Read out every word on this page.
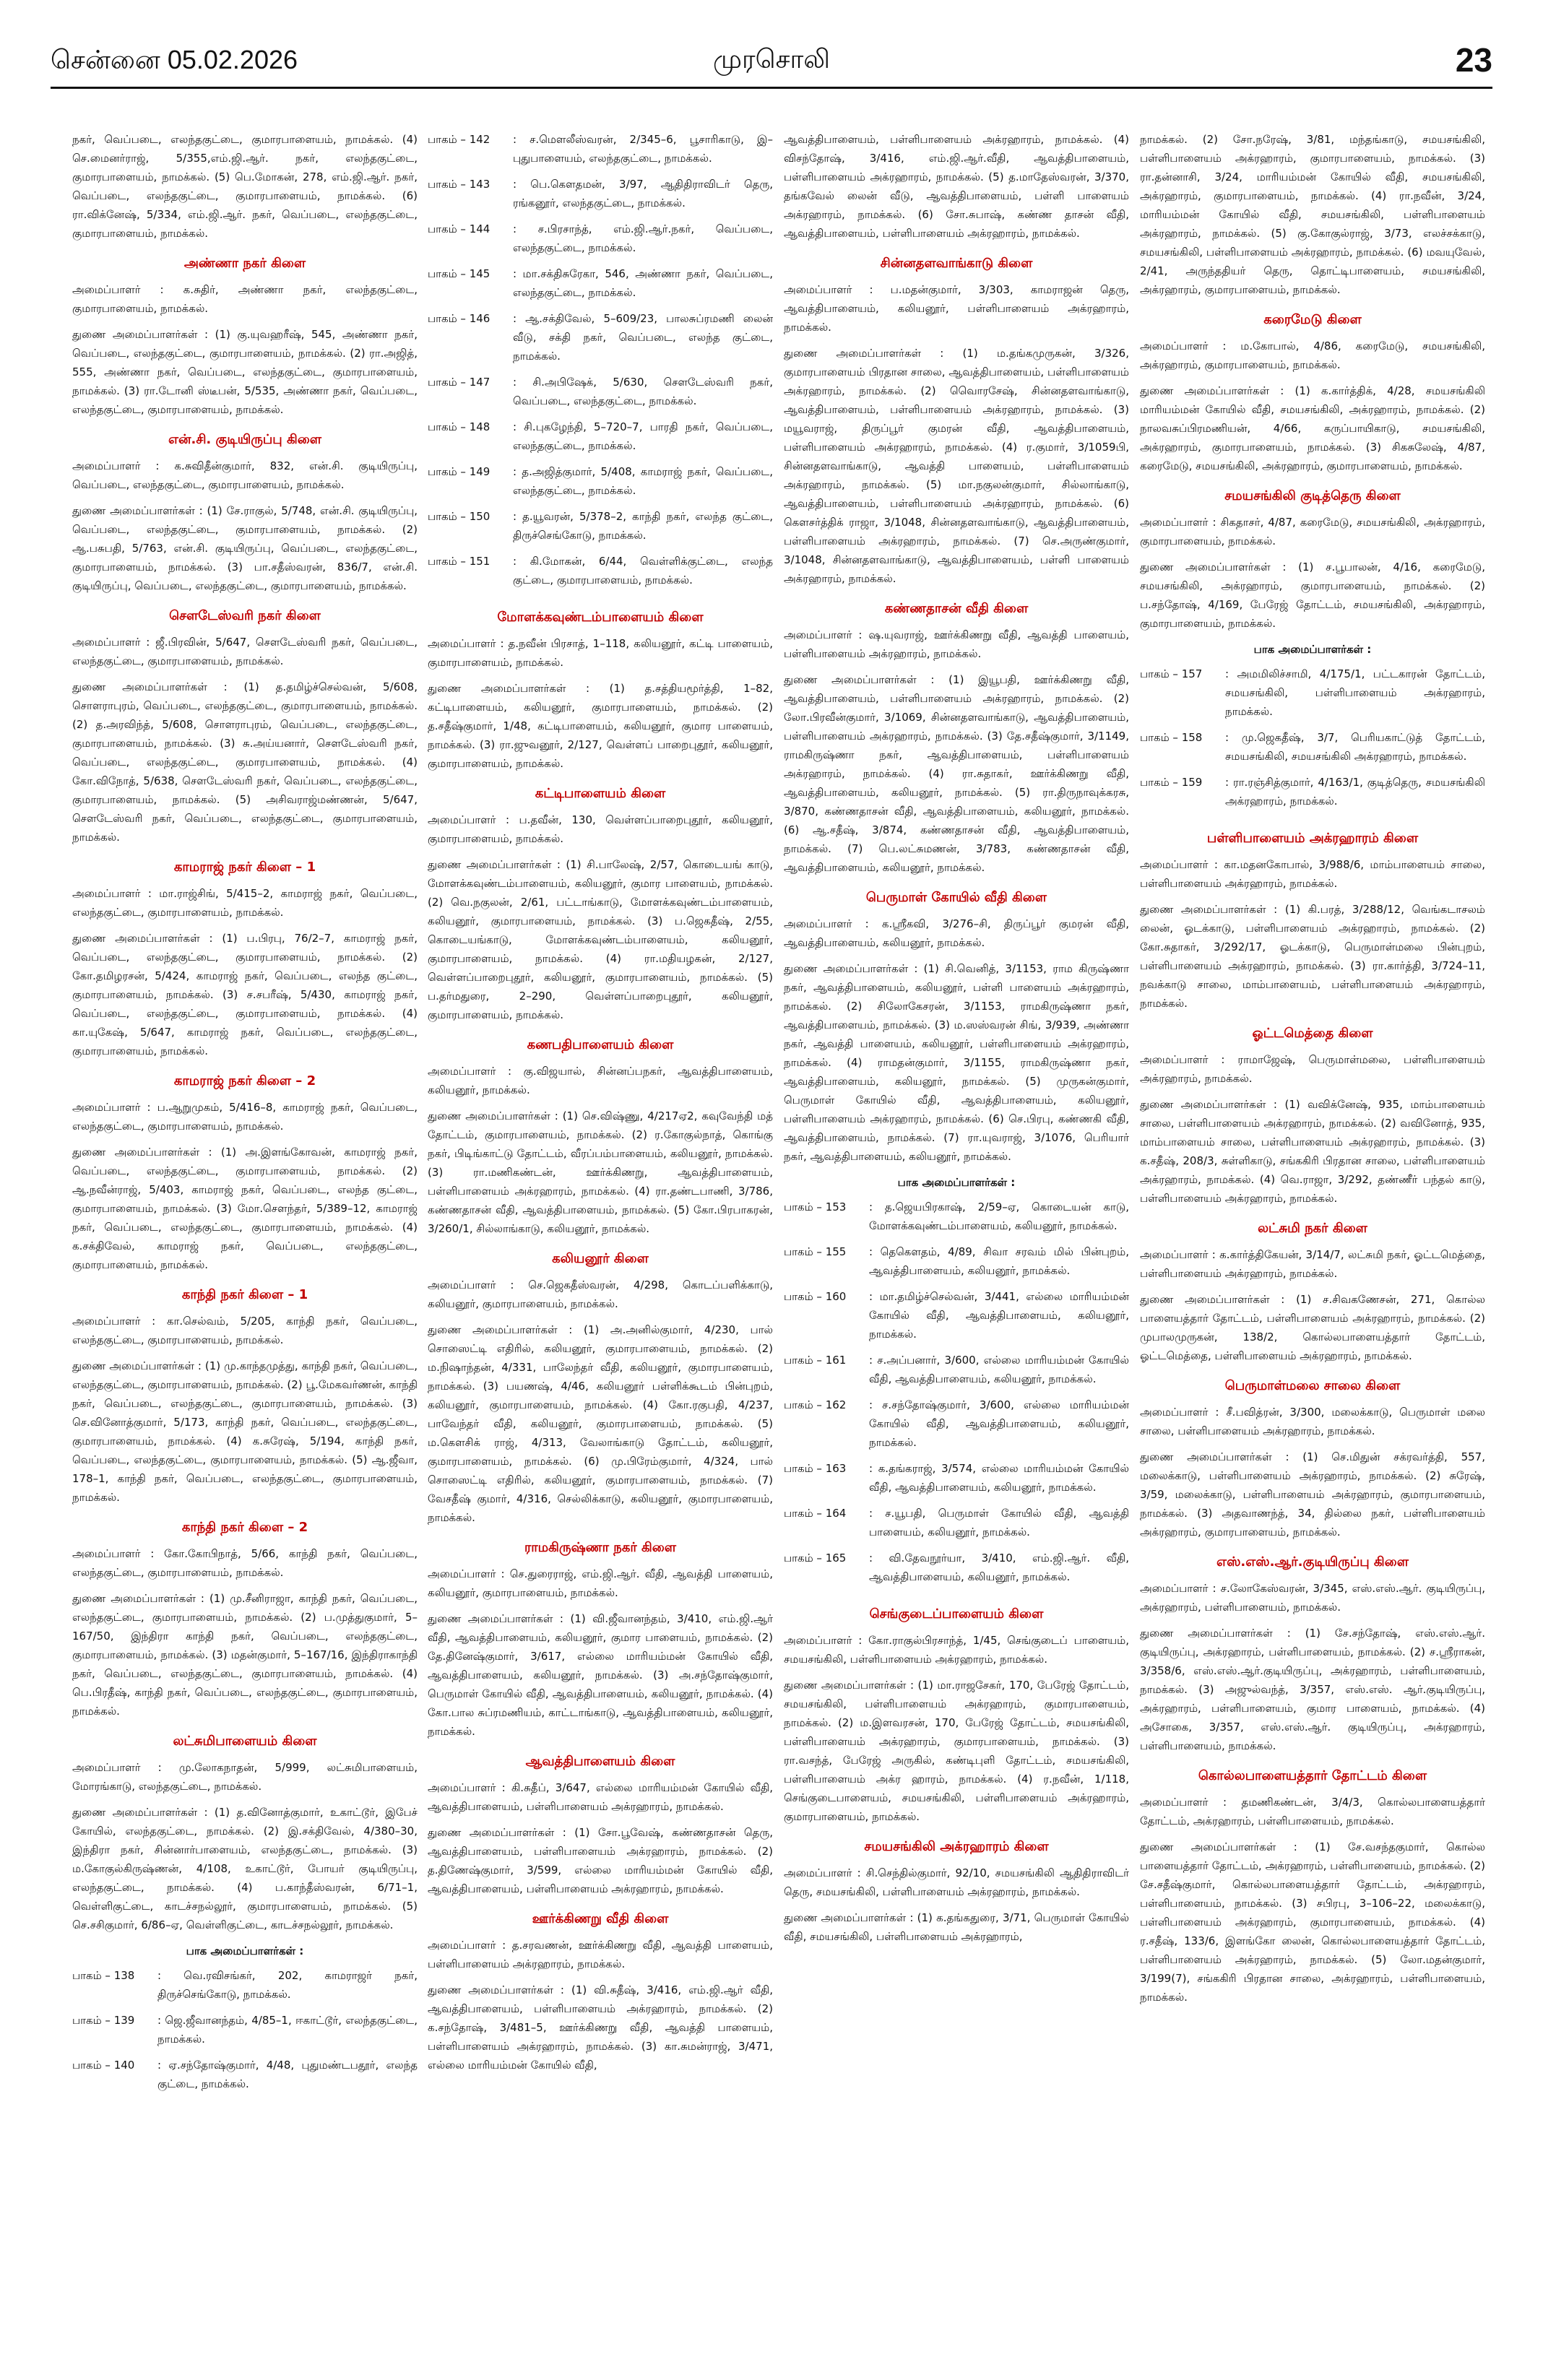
சென்னை 05.02.2026	முரசொலி	23

நகர், வெப்படை, எலந்தகுட்டை, குமாரபாளையம், நாமக்கல். (4) செ.மைனர்ராஜ், 5/355,எம்.ஜி.ஆர். நகர், எலந்தகுட்டை, குமாரபாளையம், நாமக்கல். (5) பெ.மோகன், 278, எம்.ஜி.ஆர். நகர், வெப்படை, எலந்தகுட்டை, குமாரபாளையம், நாமக்கல். (6) ரா.விக்னேஷ், 5/334, எம்.ஜி.ஆர். நகர், வெப்படை, எலந்தகுட்டை, குமாரபாளையம், நாமக்கல்.

அண்ணா நகர் கிளை

அமைப்பாளர் : க.சுதிர், அண்ணா நகர், எலந்தகுட்டை, குமாரபாளையம், நாமக்கல்.

துணை அமைப்பாளர்கள் : (1) கு.யுவஹரீஷ், 545, அண்ணா நகர், வெப்படை, எலந்தகுட்டை, குமாரபாளையம், நாமக்கல். (2) ரா.அஜித், 555, அண்ணா நகர், வெப்படை, எலந்தகுட்டை, குமாரபாளையம், நாமக்கல். (3) ரா.டோனி ஸ்டீபன், 5/535, அண்ணா நகர், வெப்படை, எலந்தகுட்டை, குமாரபாளையம், நாமக்கல்.

என்.சி. குடியிருப்பு கிளை

அமைப்பாளர் : க.சுவிதீன்குமார், 832, என்.சி. குடியிருப்பு, வெப்படை, எலந்தகுட்டை, குமாரபாளையம், நாமக்கல்.

துணை அமைப்பாளர்கள் : (1) சே.ராகுல், 5/748, என்.சி. குடியிருப்பு, வெப்படை, எலந்தகுட்டை, குமாரபாளையம், நாமக்கல். (2) ஆ.பசுபதி, 5/763, என்.சி. குடியிருப்பு, வெப்படை, எலந்தகுட்டை, குமாரபாளையம், நாமக்கல். (3) பா.சதீஸ்வரன், 836/7, என்.சி. குடியிருப்பு, வெப்படை, எலந்தகுட்டை, குமாரபாளையம், நாமக்கல்.

செளடேஸ்வரி நகர் கிளை

அமைப்பாளர் : ஜீ.பிரவின், 5/647, செளடேஸ்வரி நகர், வெப்படை, எலந்தகுட்டை, குமாரபாளையம், நாமக்கல்.

துணை அமைப்பாளர்கள் : (1) த.தமிழ்ச்செல்வன், 5/608, சொளராபுரம், வெப்படை, எலந்தகுட்டை, குமாரபாளையம், நாமக்கல். (2) த.அரவிந்த், 5/608, சொளராபுரம், வெப்படை, எலந்தகுட்டை, குமாரபாளையம், நாமக்கல். (3) சு.அய்யனார், செளடேஸ்வரி நகர், வெப்படை, எலந்தகுட்டை, குமாரபாளையம், நாமக்கல். (4) கோ.விநோத், 5/638, செளடேஸ்வரி நகர், வெப்படை, எலந்தகுட்டை, குமாரபாளையம், நாமக்கல். (5) அசிவராஜ்மண்ணன், 5/647, செளடேஸ்வரி நகர், வெப்படை, எலந்தகுட்டை, குமாரபாளையம், நாமக்கல்.

காமராஜ் நகர் கிளை – 1

அமைப்பாளர் : மா.ராஜ்சிங், 5/415–2, காமராஜ் நகர், வெப்படை, எலந்தகுட்டை, குமாரபாளையம், நாமக்கல்.

துணை அமைப்பாளர்கள் : (1) ப.பிரபு, 76/2–7, காமராஜ் நகர், வெப்படை, எலந்தகுட்டை, குமாரபாளையம், நாமக்கல். (2) கோ.தமிழரசன், 5/424, காமராஜ் நகர், வெப்படை, எலந்த குட்டை, குமாரபாளையம், நாமக்கல். (3) ச.சபரீஷ், 5/430, காமராஜ் நகர், வெப்படை, எலந்தகுட்டை, குமாரபாளையம், நாமக்கல். (4) கா.யுகேஷ், 5/647, காமராஜ் நகர், வெப்படை, எலந்தகுட்டை, குமாரபாளையம், நாமக்கல்.

காமராஜ் நகர் கிளை – 2

அமைப்பாளர் : ப.ஆறுமுகம், 5/416–8, காமராஜ் நகர், வெப்படை, எலந்தகுட்டை, குமாரபாளையம், நாமக்கல்.

துணை அமைப்பாளர்கள் : (1) அ.இளங்கோவன், காமராஜ் நகர், வெப்படை, எலந்தகுட்டை, குமாரபாளையம், நாமக்கல். (2) ஆ.நவீன்ராஜ், 5/403, காமராஜ் நகர், வெப்படை, எலந்த குட்டை, குமாரபாளையம், நாமக்கல். (3) மோ.செளந்தர், 5/389–12, காமராஜ் நகர், வெப்படை, எலந்தகுட்டை, குமாரபாளையம், நாமக்கல். (4) க.சக்திவேல், காமராஜ் நகர், வெப்படை, எலந்தகுட்டை, குமாரபாளையம், நாமக்கல்.

காந்தி நகர் கிளை – 1

அமைப்பாளர் : கா.செல்வம், 5/205, காந்தி நகர், வெப்படை, எலந்தகுட்டை, குமாரபாளையம், நாமக்கல்.

துணை அமைப்பாளர்கள் : (1) மு.காந்தமுத்து, காந்தி நகர், வெப்படை, எலந்தகுட்டை, குமாரபாளையம், நாமக்கல். (2) பூ.மேகவர்ணன், காந்தி நகர், வெப்படை, எலந்தகுட்டை, குமாரபாளையம், நாமக்கல். (3) செ.வினோத்குமார், 5/173, காந்தி நகர், வெப்படை, எலந்தகுட்டை, குமாரபாளையம், நாமக்கல். (4) க.சுரேஷ், 5/194, காந்தி நகர், வெப்படை, எலந்தகுட்டை, குமாரபாளையம், நாமக்கல். (5) ஆ.ஜீவா, 178–1, காந்தி நகர், வெப்படை, எலந்தகுட்டை, குமாரபாளையம், நாமக்கல்.

காந்தி நகர் கிளை – 2

அமைப்பாளர் : கோ.கோபிநாத், 5/66, காந்தி நகர், வெப்படை, எலந்தகுட்டை, குமாரபாளையம், நாமக்கல்.

துணை அமைப்பாளர்கள் : (1) மு.சீனிராஜா, காந்தி நகர், வெப்படை, எலந்தகுட்டை, குமாரபாளையம், நாமக்கல். (2) ப.முத்துகுமார், 5–167/50, இந்திரா காந்தி நகர், வெப்படை, எலந்தகுட்டை, குமாரபாளையம், நாமக்கல். (3) மதன்குமார், 5–167/16, இந்திராகாந்தி நகர், வெப்படை, எலந்தகுட்டை, குமாரபாளையம், நாமக்கல். (4) பெ.பிரதீஷ், காந்தி நகர், வெப்படை, எலந்தகுட்டை, குமாரபாளையம், நாமக்கல்.

லட்சுமிபாளையம் கிளை

அமைப்பாளர் : மு.லோகநாதன், 5/999, லட்சுமிபாளையம், மோரங்காடு, எலந்தகுட்டை, நாமக்கல்.

துணை அமைப்பாளர்கள் : (1) த.வினோத்குமார், உகாட்டூர், இபேச் கோயில், எலந்தகுட்டை, நாமக்கல். (2) இ.சக்திவேல், 4/380–30, இந்திரா நகர், சின்னார்பாளையம், எலந்தகுட்டை, நாமக்கல். (3) ம.கோகுல்கிருஷ்ணன், 4/108, உகாட்டூர், போயர் குடியிருப்பு, எலந்தகுட்டை, நாமக்கல். (4) ப.காந்தீஸ்வரன், 6/71–1, வெள்ளிகுட்டை, காடச்சநல்லூர், குமாரபாளையம், நாமக்கல். (5) செ.சசிகுமார், 6/86–ஏ, வெள்ளிகுட்டை, காடச்சநல்லூர், நாமக்கல்.

பாக அமைப்பாளர்கள் :
பாகம் – 138	: வெ.ரவிசங்கர், 202, காமராஜர் நகர், திருச்செங்கோடு, நாமக்கல்.
பாகம் – 139	: ஜெ.ஜீவானந்தம், 4/85–1, ஈகாட்டூர், எலந்தகுட்டை, நாமக்கல்.
பாகம் – 140	: ஏ.சந்தோஷ்குமார், 4/48, புதுமண்டபதூர், எலந்த குட்டை, நாமக்கல்.
பாகம் – 142	: ச.மெளலீஸ்வரன், 2/345–6, பூசாரிகாடு, இ–புதுபாளையம், எலந்தகுட்டை, நாமக்கல்.
பாகம் – 143	: பெ.கௌதமன், 3/97, ஆதிதிராவிடர் தெரு, ரங்கனூர், எலந்தகுட்டை, நாமக்கல்.
பாகம் – 144	: ச.பிரசாந்த், எம்.ஜி.ஆர்.நகர், வெப்படை, எலந்தகுட்டை, நாமக்கல்.
பாகம் – 145	: மா.சக்திசுரேகா, 546, அண்ணா நகர், வெப்படை, எலந்தகுட்டை, நாமக்கல்.
பாகம் – 146	: ஆ.சக்திவேல், 5–609/23, பாலசுப்ரமணி லைன் வீடு, சக்தி நகர், வெப்படை, எலந்த குட்டை, நாமக்கல்.
பாகம் – 147	: சி.அபிஷேக், 5/630, செளடேஸ்வரி நகர், வெப்படை, எலந்தகுட்டை, நாமக்கல்.
பாகம் – 148	: சி.புகழேந்தி, 5–720–7, பாரதி நகர், வெப்படை, எலந்தகுட்டை, நாமக்கல்.
பாகம் – 149	: த.அஜித்குமார், 5/408, காமராஜ் நகர், வெப்படை, எலந்தகுட்டை, நாமக்கல்.
பாகம் – 150	: த.யூவரன், 5/378–2, காந்தி நகர், எலந்த குட்டை, திருச்செங்கோடு, நாமக்கல்.
பாகம் – 151	: கி.மோகன், 6/44, வெள்ளிக்குட்டை, எலந்த குட்டை, குமாரபாளையம், நாமக்கல்.
மோளக்கவுண்டம்பாளையம் கிளை

அமைப்பாளர் : த.நவீன் பிரசாத், 1–118, கலியனூர், கட்டி பாளையம், குமாரபாளையம், நாமக்கல்.

துணை அமைப்பாளர்கள் : (1) த.சத்தியமூர்த்தி, 1–82, கட்டிபாளையம், கலியனூர், குமாரபாளையம், நாமக்கல். (2) த.சதீஷ்குமார், 1/48, கட்டிபாளையம், கலியனூர், குமார பாளையம், நாமக்கல். (3) ரா.ஜுவனூர், 2/127, வெள்ளப் பாறைபுதூர், கலியனூர், குமாரபாளையம், நாமக்கல்.

கட்டிபாளையம் கிளை

அமைப்பாளர் : ப.தவீன், 130, வெள்ளப்பாறைபுதூர், கலியனூர், குமாரபாளையம், நாமக்கல்.

துணை அமைப்பாளர்கள் : (1) சி.பாலேஷ், 2/57, கொடையங் காடு, மோளக்கவுண்டம்பாளையம், கலியனூர், குமார பாளையம், நாமக்கல். (2) வெ.நகுலன், 2/61, பட்டாங்காடு, மோளக்கவுண்டம்பாளையம், கலியனூர், குமாரபாளையம், நாமக்கல். (3) ப.ஜெகதீஷ், 2/55, கொடையங்காடு, மோளக்கவுண்டம்பாளையம், கலியனூர், குமாரபாளையம், நாமக்கல். (4) ரா.மதியழகன், 2/127, வெள்ளப்பாறைபுதூர், கலியனூர், குமாரபாளையம், நாமக்கல். (5) ப.தர்மதுரை, 2–290, வெள்ளப்பாறைபுதூர், கலியனூர், குமாரபாளையம், நாமக்கல்.

கணபதிபாளையம் கிளை

அமைப்பாளர் : கு.விஜயால், சின்னப்பநகர், ஆவத்திபாளையம், கலியனூர், நாமக்கல்.

துணை அமைப்பாளர்கள் : (1) செ.விஷ்ணு, 4/217ஏ2, கவுவேந்தி மத் தோட்டம், குமாரபாளையம், நாமக்கல். (2) ர.கோகுல்நாத், கொங்கு நகர், பிடிங்காட்டு தோட்டம், வீரப்பம்பாளையம், கலியனூர், நாமக்கல். (3) ரா.மணிகண்டன், ஊர்க்கிணறு, ஆவத்திபாளையம், பள்ளிபாளையம் அக்ரஹாரம், நாமக்கல். (4) ரா.தண்டபாணி, 3/786, கண்ணதாசன் வீதி, ஆவத்திபாளையம், நாமக்கல். (5) கோ.பிரபாகரன், 3/260/1, சில்லாங்காடு, கலியனூர், நாமக்கல்.

கலியனூர் கிளை

அமைப்பாளர் : செ.ஜெகதீஸ்வரன், 4/298, கொடப்பளிக்காடு, கலியனூர், குமாரபாளையம், நாமக்கல்.

துணை அமைப்பாளர்கள் : (1) அ.அனில்குமார், 4/230, பால் சொஸைட்டி எதிரில், கலியனூர், குமாரபாளையம், நாமக்கல். (2) ம.நிஷாந்தன், 4/331, பாலேந்தர் வீதி, கலியனூர், குமாரபாளையம், நாமக்கல். (3) பயணஷ், 4/46, கலியனூர் பள்ளிக்கூடம் பின்புறம், கலியனூர், குமாரபாளையம், நாமக்கல். (4) கோ.ரகுபதி, 4/237, பாவேந்தர் வீதி, கலியனூர், குமாரபாளையம், நாமக்கல். (5) ம.கௌசிக் ராஜ், 4/313, வேலாங்காடு தோட்டம், கலியனூர், குமாரபாளையம், நாமக்கல். (6) மு.பிரேம்குமார், 4/324, பால் சொஸைட்டி எதிரில், கலியனூர், குமாரபாளையம், நாமக்கல். (7) வேசதீஷ் குமார், 4/316, செல்லிக்காடு, கலியனூர், குமாரபாளையம், நாமக்கல்.

ராமகிருஷ்ணா நகர் கிளை

அமைப்பாளர் : செ.துரைராஜ், எம்.ஜி.ஆர். வீதி, ஆவத்தி பாளையம், கலியனூர், குமாரபாளையம், நாமக்கல்.

துணை அமைப்பாளர்கள் : (1) வி.ஜீவானந்தம், 3/410, எம்.ஜி.ஆர் வீதி, ஆவத்திபாளையம், கலியனூர், குமார பாளையம், நாமக்கல். (2) தே.தினேஷ்குமார், 3/617, எல்லை மாரியம்மன் கோயில் வீதி, ஆவத்திபாளையம், கலியனூர், நாமக்கல். (3) அ.சந்தோஷ்குமார், பெருமாள் கோயில் வீதி, ஆவத்திபாளையம், கலியனூர், நாமக்கல். (4) கோ.பால சுப்ரமணியம், காட்டாங்காடு, ஆவத்திபாளையம், கலியனூர், நாமக்கல்.

ஆவத்திபாளையம் கிளை

அமைப்பாளர் : கி.சுதீப், 3/647, எல்லை மாரியம்மன் கோயில் வீதி, ஆவத்திபாளையம், பள்ளிபாளையம் அக்ரஹாரம், நாமக்கல்.

துணை அமைப்பாளர்கள் : (1) சோ.பூவேஷ், கண்ணதாசன் தெரு, ஆவத்திபாளையம், பள்ளிபாளையம் அக்ரஹாரம், நாமக்கல். (2) த.திணேஷ்குமார், 3/599, எல்லை மாரியம்மன் கோயில் வீதி, ஆவத்திபாளையம், பள்ளிபாளையம் அக்ரஹாரம், நாமக்கல்.

ஊர்க்கிணறு வீதி கிளை

அமைப்பாளர் : த.சரவணன், ஊர்க்கிணறு வீதி, ஆவத்தி பாளையம், பள்ளிபாளையம் அக்ரஹாரம், நாமக்கல்.

துணை அமைப்பாளர்கள் : (1) வி.சுதீஷ், 3/416, எம்.ஜி.ஆர் வீதி, ஆவத்திபாளையம், பள்ளிபாளையம் அக்ரஹாரம், நாமக்கல். (2) க.சந்தோஷ், 3/481–5, ஊர்க்கிணறு வீதி, ஆவத்தி பாளையம், பள்ளிபாளையம் அக்ரஹாரம், நாமக்கல். (3) கா.சுமன்ராஜ், 3/471, எல்லை மாரியம்மன் கோயில் வீதி,

ஆவத்திபாளையம், பள்ளிபாளையம் அக்ரஹாரம், நாமக்கல். (4) விசந்தோஷ், 3/416, எம்.ஜி.ஆர்.வீதி, ஆவத்திபாளையம், பள்ளிபாளையம் அக்ரஹாரம், நாமக்கல். (5) த.மாதேஸ்வரன், 3/370, தங்கவேல் லைன் வீடு, ஆவத்திபாளையம், பள்ளி பாளையம் அக்ரஹாரம், நாமக்கல். (6) சோ.சுபாஷ், கண்ண தாசன் வீதி, ஆவத்திபாளையம், பள்ளிபாளையம் அக்ரஹாரம், நாமக்கல்.

சின்னதளவாங்காடு கிளை

அமைப்பாளர் : ப.மதன்குமார், 3/303, காமராஜன் தெரு, ஆவத்திபாளையம், கலியனூர், பள்ளிபாளையம் அக்ரஹாரம், நாமக்கல்.

துணை அமைப்பாளர்கள் : (1) ம.தங்கமுருகன், 3/326, குமாரபாளையம் பிரதான சாலை, ஆவத்திபாளையம், பள்ளிபாளையம் அக்ரஹாரம், நாமக்கல். (2) வெொரசேஷ், சின்னதளவாங்காடு, ஆவத்திபாளையம், பள்ளிபாளையம் அக்ரஹாரம், நாமக்கல். (3) மயூவராஜ், திருப்பூர் குமரன் வீதி, ஆவத்திபாளையம், பள்ளிபாளையம் அக்ரஹாரம், நாமக்கல். (4) ர.குமார், 3/1059பி, சின்னதளவாங்காடு, ஆவத்தி பாளையம், பள்ளிபாளையம் அக்ரஹாரம், நாமக்கல். (5) மா.நகுலன்குமார், சில்லாங்காடு, ஆவத்திபாளையம், பள்ளிபாளையம் அக்ரஹாரம், நாமக்கல். (6) கௌசர்த்திக் ராஜா, 3/1048, சின்னதளவாங்காடு, ஆவத்திபாளையம், பள்ளிபாளையம் அக்ரஹாரம், நாமக்கல். (7) செ.அருண்குமார், 3/1048, சின்னதளவாங்காடு, ஆவத்திபாளையம், பள்ளி பாளையம் அக்ரஹாரம், நாமக்கல்.

கண்ணதாசன் வீதி கிளை

அமைப்பாளர் : ஷ.யுவராஜ், ஊர்க்கிணறு வீதி, ஆவத்தி பாளையம், பள்ளிபாளையம் அக்ரஹாரம், நாமக்கல்.

துணை அமைப்பாளர்கள் : (1) இயூபதி, ஊர்க்கிணறு வீதி, ஆவத்திபாளையம், பள்ளிபாளையம் அக்ரஹாரம், நாமக்கல். (2) லோ.பிரவீன்குமார், 3/1069, சின்னதளவாங்காடு, ஆவத்திபாளையம், பள்ளிபாளையம் அக்ரஹாரம், நாமக்கல். (3) தே.சதீஷ்குமார், 3/1149, ராமகிருஷ்ணா நகர், ஆவத்திபாளையம், பள்ளிபாளையம் அக்ரஹாரம், நாமக்கல். (4) ரா.சுதாகர், ஊர்க்கிணறு வீதி, ஆவத்திபாளையம், கலியனூர், நாமக்கல். (5) ரா.திருநாவுக்கரசு, 3/870, கண்ணதாசன் வீதி, ஆவத்திபாளையம், கலியனூர், நாமக்கல். (6) ஆ.சதீஷ், 3/874, கண்ணதாசன் வீதி, ஆவத்திபாளையம், நாமக்கல். (7) பெ.லட்சுமணன், 3/783, கண்ணதாசன் வீதி, ஆவத்திபாளையம், கலியனூர், நாமக்கல்.

பெருமாள் கோயில் வீதி கிளை

அமைப்பாளர் : க.ஸ்ரீகவி, 3/276–சி, திருப்பூர் குமரன் வீதி, ஆவத்திபாளையம், கலியனூர், நாமக்கல்.

துணை அமைப்பாளர்கள் : (1) சி.வெனித், 3/1153, ராம கிருஷ்ணா நகர், ஆவத்திபாளையம், கலியனூர், பள்ளி பாளையம் அக்ரஹாரம், நாமக்கல். (2) சிலோகேசரன், 3/1153, ராமகிருஷ்ணா நகர், ஆவத்திபாளையம், நாமக்கல். (3) ம.ஸஸ்வரன் சிங், 3/939, அண்ணா நகர், ஆவத்தி பாளையம், கலியனூர், பள்ளிபாளையம் அக்ரஹாரம், நாமக்கல். (4) ராமதன்குமார், 3/1155, ராமகிருஷ்ணா நகர், ஆவத்திபாளையம், கலியனூர், நாமக்கல். (5) முருகன்குமார், பெருமாள் கோயில் வீதி, ஆவத்திபாளையம், கலியனூர், பள்ளிபாளையம் அக்ரஹாரம், நாமக்கல். (6) செ.பிரபு, கண்ணகி வீதி, ஆவத்திபாளையம், நாமக்கல். (7) ரா.யுவராஜ், 3/1076, பெரியார் நகர், ஆவத்திபாளையம், கலியனூர், நாமக்கல்.

பாக அமைப்பாளர்கள் :
பாகம் – 153	: த.ஜெயபிரகாஷ், 2/59–ஏ, கொடையன் காடு, மோளக்கவுண்டம்பாளையம், கலியனூர், நாமக்கல்.
பாகம் – 155	: தெகௌதம், 4/89, சிவா சரவம் மில் பின்புறம், ஆவத்திபாளையம், கலியனூர், நாமக்கல்.
பாகம் – 160	: மா.தமிழ்ச்செல்வன், 3/441, எல்லை மாரியம்மன் கோயில் வீதி, ஆவத்திபாளையம், கலியனூர், நாமக்கல்.
பாகம் – 161	: ச.அப்பனார், 3/600, எல்லை மாரியம்மன் கோயில் வீதி, ஆவத்திபாளையம், கலியனூர், நாமக்கல்.
பாகம் – 162	: ச.சந்தோஷ்குமார், 3/600, எல்லை மாரியம்மன் கோயில் வீதி, ஆவத்திபாளையம், கலியனூர், நாமக்கல்.
பாகம் – 163	: க.தங்கராஜ், 3/574, எல்லை மாரியம்மன் கோயில் வீதி, ஆவத்திபாளையம், கலியனூர், நாமக்கல்.
பாகம் – 164	: ச.யூபதி, பெருமாள் கோயில் வீதி, ஆவத்தி பாளையம், கலியனூர், நாமக்கல்.
பாகம் – 165	: வி.தேவநூர்யா, 3/410, எம்.ஜி.ஆர். வீதி, ஆவத்திபாளையம், கலியனூர், நாமக்கல்.
செங்குடைப்பாளையம் கிளை

அமைப்பாளர் : கோ.ராகுல்பிரசாந்த், 1/45, செங்குடைப் பாளையம், சமயசங்கிலி, பள்ளிபாளையம் அக்ரஹாரம், நாமக்கல்.

துணை அமைப்பாளர்கள் : (1) மா.ராஜசேகர், 170, பேரேஜ் தோட்டம், சமயசங்கிலி, பள்ளிபாளையம் அக்ரஹாரம், குமாரபாளையம், நாமக்கல். (2) ம.இளவரசன், 170, பேரேஜ் தோட்டம், சமயசங்கிலி, பள்ளிபாளையம் அக்ரஹாரம், குமாரபாளையம், நாமக்கல். (3) ரா.வசந்த், பேரேஜ் அருகில், கண்டிபுளி தோட்டம், சமயசங்கிலி, பள்ளிபாளையம் அக்ர ஹாரம், நாமக்கல். (4) ர.நவீன், 1/118, செங்குடைபாளையம், சமயசங்கிலி, பள்ளிபாளையம் அக்ரஹாரம், குமாரபாளையம், நாமக்கல்.

சமயசங்கிலி அக்ரஹாரம் கிளை

அமைப்பாளர் : சி.செந்தில்குமார், 92/10, சமயசங்கிலி ஆதிதிராவிடர் தெரு, சமயசங்கிலி, பள்ளிபாளையம் அக்ரஹாரம், நாமக்கல்.

துணை அமைப்பாளர்கள் : (1) க.தங்கதுரை, 3/71, பெருமாள் கோயில் வீதி, சமயசங்கிலி, பள்ளிபாளையம் அக்ரஹாரம்,

நாமக்கல். (2) சோ.நரேஷ், 3/81, மந்தங்காடு, சமயசங்கிலி, பள்ளிபாளையம் அக்ரஹாரம், குமாரபாளையம், நாமக்கல். (3) ரா.தன்னாசி, 3/24, மாரியம்மன் கோயில் வீதி, சமயசங்கிலி, அக்ரஹாரம், குமாரபாளையம், நாமக்கல். (4) ரா.நவீன், 3/24, மாரியம்மன் கோயில் வீதி, சமயசங்கிலி, பள்ளிபாளையம் அக்ரஹாரம், நாமக்கல். (5) கு.கோகுல்ராஜ், 3/73, எலச்சக்காடு, சமயசங்கிலி, பள்ளிபாளையம் அக்ரஹாரம், நாமக்கல். (6) மவயுவேல், 2/41, அருந்ததியர் தெரு, தொட்டிபாளையம், சமயசங்கிலி, அக்ரஹாரம், குமாரபாளையம், நாமக்கல்.

கரைமேடு கிளை

அமைப்பாளர் : ம.கோபால், 4/86, கரைமேடு, சமயசங்கிலி, அக்ரஹாரம், குமாரபாளையம், நாமக்கல்.

துணை அமைப்பாளர்கள் : (1) க.கார்த்திக், 4/28, சமயசங்கிலி மாரியம்மன் கோயில் வீதி, சமயசங்கிலி, அக்ரஹாரம், நாமக்கல். (2) நாலவசுப்பிரமணியன், 4/66, கருப்பாயிகாடு, சமயசங்கிலி, அக்ரஹாரம், குமாரபாளையம், நாமக்கல். (3) சிகசுலேஷ், 4/87, கரைமேடு, சமயசங்கிலி, அக்ரஹாரம், குமாரபாளையம், நாமக்கல்.

சமயசங்கிலி குடித்தெரு கிளை

அமைப்பாளர் : சிகதாசர், 4/87, கரைமேடு, சமயசங்கிலி, அக்ரஹாரம், குமாரபாளையம், நாமக்கல்.

துணை அமைப்பாளர்கள் : (1) ச.பூபாலன், 4/16, கரைமேடு, சமயசங்கிலி, அக்ரஹாரம், குமாரபாளையம், நாமக்கல். (2) ப.சந்தோஷ், 4/169, பேரேஜ் தோட்டம், சமயசங்கிலி, அக்ரஹாரம், குமாரபாளையம், நாமக்கல்.

பாக அமைப்பாளர்கள் :
பாகம் – 157	: அமமிலிச்சாமி, 4/175/1, பட்டகாரன் தோட்டம், சமயசங்கிலி, பள்ளிபாளையம் அக்ரஹாரம், நாமக்கல்.
பாகம் – 158	: மு.ஜெகதீஷ், 3/7, பெரியகாட்டுத் தோட்டம், சமயசங்கிலி, சமயசங்கிலி அக்ரஹாரம், நாமக்கல்.
பாகம் – 159	: ரா.ரஞ்சித்குமார், 4/163/1, குடித்தெரு, சமயசங்கிலி அக்ரஹாரம், நாமக்கல்.
பள்ளிபாளையம் அக்ரஹாரம் கிளை

அமைப்பாளர் : கா.மதனகோபால், 3/988/6, மாம்பாளையம் சாலை, பள்ளிபாளையம் அக்ரஹாரம், நாமக்கல்.

துணை அமைப்பாளர்கள் : (1) கி.பரத், 3/288/12, வெங்கடாசலம் லைன், ஓடக்காடு, பள்ளிபாளையம் அக்ரஹாரம், நாமக்கல். (2) கோ.சுதாகர், 3/292/17, ஓடக்காடு, பெருமாள்மலை பின்புறம், பள்ளிபாளையம் அக்ரஹாரம், நாமக்கல். (3) ரா.கார்த்தி, 3/724–11, நவக்காடு சாலை, மாம்பாளையம், பள்ளிபாளையம் அக்ரஹாரம், நாமக்கல்.

ஓட்டமெத்தை கிளை

அமைப்பாளர் : ராமாஜேஷ், பெருமாள்மலை, பள்ளிபாளையம் அக்ரஹாரம், நாமக்கல்.

துணை அமைப்பாளர்கள் : (1) வவிக்னேஷ், 935, மாம்பாளையம் சாலை, பள்ளிபாளையம் அக்ரஹாரம், நாமக்கல். (2) வவினோத், 935, மாம்பாளையம் சாலை, பள்ளிபாளையம் அக்ரஹாரம், நாமக்கல். (3) க.சதீஷ், 208/3, சுள்ளிகாடு, சங்ககிரி பிரதான சாலை, பள்ளிபாளையம் அக்ரஹாரம், நாமக்கல். (4) வெ.ராஜா, 3/292, தண்ணீர் பந்தல் காடு, பள்ளிபாளையம் அக்ரஹாரம், நாமக்கல்.

லட்சுமி நகர் கிளை

அமைப்பாளர் : க.கார்த்திகேயன், 3/14/7, லட்சுமி நகர், ஓட்டமெத்தை, பள்ளிபாளையம் அக்ரஹாரம், நாமக்கல்.

துணை அமைப்பாளர்கள் : (1) ச.சிவகணேசன், 271, கொல்ல பாளையத்தார் தோட்டம், பள்ளிபாளையம் அக்ரஹாரம், நாமக்கல். (2) முபாலமுருகன், 138/2, கொல்லபாளையத்தார் தோட்டம், ஓட்டமெத்தை, பள்ளிபாளையம் அக்ரஹாரம், நாமக்கல்.

பெருமாள்மலை சாலை கிளை

அமைப்பாளர் : சீ.பவித்ரன், 3/300, மலைக்காடு, பெருமாள் மலை சாலை, பள்ளிபாளையம் அக்ரஹாரம், நாமக்கல்.

துணை அமைப்பாளர்கள் : (1) செ.மிதுன் சக்ரவர்த்தி, 557, மலைக்காடு, பள்ளிபாளையம் அக்ரஹாரம், நாமக்கல். (2) சுரேஷ், 3/59, மலைக்காடு, பள்ளிபாளையம் அக்ரஹாரம், குமாரபாளையம், நாமக்கல். (3) அதவாணந்த், 34, தில்லை நகர், பள்ளிபாளையம் அக்ரஹாரம், குமாரபாளையம், நாமக்கல்.

எஸ்.எஸ்.ஆர்.குடியிருப்பு கிளை

அமைப்பாளர் : ச.லோகேஸ்வரன், 3/345, எஸ்.எஸ்.ஆர். குடியிருப்பு, அக்ரஹாரம், பள்ளிபாளையம், நாமக்கல்.

துணை அமைப்பாளர்கள் : (1) சே.சந்தோஷ், எஸ்.எஸ்.ஆர். குடியிருப்பு, அக்ரஹாரம், பள்ளிபாளையம், நாமக்கல். (2) ச.ஸ்ரீராகன், 3/358/6, எஸ்.எஸ்.ஆர்.குடியிருப்பு, அக்ரஹாரம், பள்ளிபாளையம், நாமக்கல். (3) அஜுல்வந்த், 3/357, எஸ்.எஸ். ஆர்.குடியிருப்பு, அக்ரஹாரம், பள்ளிபாளையம், குமார பாளையம், நாமக்கல். (4) அசோகை, 3/357, எஸ்.எஸ்.ஆர். குடியிருப்பு, அக்ரஹாரம், பள்ளிபாளையம், நாமக்கல்.

கொல்லபாளையத்தார் தோட்டம் கிளை

அமைப்பாளர் : தமணிகண்டன், 3/4/3, கொல்லபாளையத்தார் தோட்டம், அக்ரஹாரம், பள்ளிபாளையம், நாமக்கல்.

துணை அமைப்பாளர்கள் : (1) சே.வசந்தகுமார், கொல்ல பாளையத்தார் தோட்டம், அக்ரஹாரம், பள்ளிபாளையம், நாமக்கல். (2) சே.சதீஷ்குமார், கொல்லபாளையத்தார் தோட்டம், அக்ரஹாரம், பள்ளிபாளையம், நாமக்கல். (3) சபிரபு, 3–106–22, மலைக்காடு, பள்ளிபாளையம் அக்ரஹாரம், குமாரபாளையம், நாமக்கல். (4) ர.சதீஷ், 133/6, இளங்கோ லைன், கொல்லபாளையத்தார் தோட்டம், பள்ளிபாளையம் அக்ரஹாரம், நாமக்கல். (5) லோ.மதன்குமார், 3/199(7), சங்ககிரி பிரதான சாலை, அக்ரஹாரம், பள்ளிபாளையம், நாமக்கல்.
